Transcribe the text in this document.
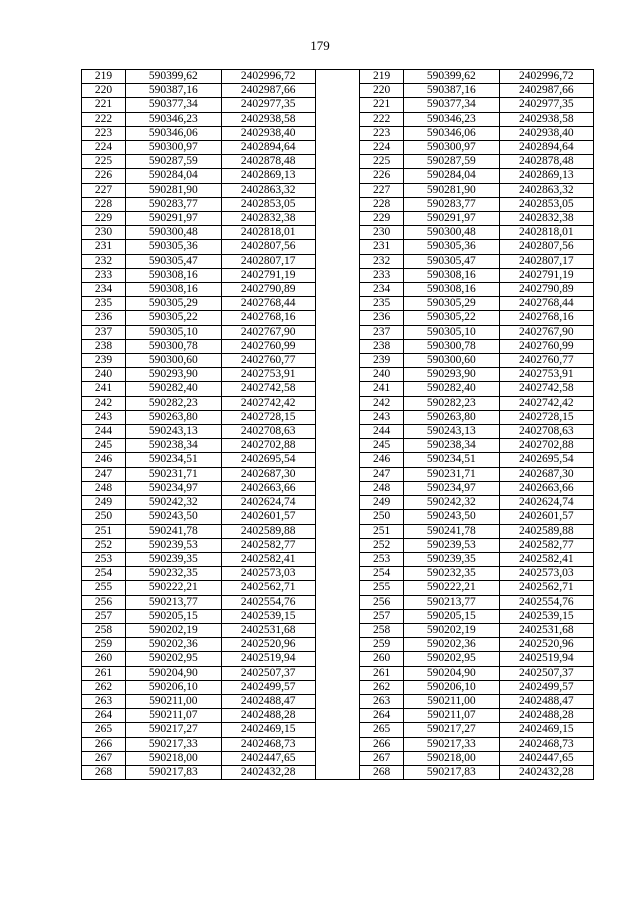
179
219	590399,62	2402996,72		219	590399,62	2402996,72
220	590387,16	2402987,66		220	590387,16	2402987,66
221	590377,34	2402977,35		221	590377,34	2402977,35
222	590346,23	2402938,58		222	590346,23	2402938,58
223	590346,06	2402938,40		223	590346,06	2402938,40
224	590300,97	2402894,64		224	590300,97	2402894,64
225	590287,59	2402878,48		225	590287,59	2402878,48
226	590284,04	2402869,13		226	590284,04	2402869,13
227	590281,90	2402863,32		227	590281,90	2402863,32
228	590283,77	2402853,05		228	590283,77	2402853,05
229	590291,97	2402832,38		229	590291,97	2402832,38
230	590300,48	2402818,01		230	590300,48	2402818,01
231	590305,36	2402807,56		231	590305,36	2402807,56
232	590305,47	2402807,17		232	590305,47	2402807,17
233	590308,16	2402791,19		233	590308,16	2402791,19
234	590308,16	2402790,89		234	590308,16	2402790,89
235	590305,29	2402768,44		235	590305,29	2402768,44
236	590305,22	2402768,16		236	590305,22	2402768,16
237	590305,10	2402767,90		237	590305,10	2402767,90
238	590300,78	2402760,99		238	590300,78	2402760,99
239	590300,60	2402760,77		239	590300,60	2402760,77
240	590293,90	2402753,91		240	590293,90	2402753,91
241	590282,40	2402742,58		241	590282,40	2402742,58
242	590282,23	2402742,42		242	590282,23	2402742,42
243	590263,80	2402728,15		243	590263,80	2402728,15
244	590243,13	2402708,63		244	590243,13	2402708,63
245	590238,34	2402702,88		245	590238,34	2402702,88
246	590234,51	2402695,54		246	590234,51	2402695,54
247	590231,71	2402687,30		247	590231,71	2402687,30
248	590234,97	2402663,66		248	590234,97	2402663,66
249	590242,32	2402624,74		249	590242,32	2402624,74
250	590243,50	2402601,57		250	590243,50	2402601,57
251	590241,78	2402589,88		251	590241,78	2402589,88
252	590239,53	2402582,77		252	590239,53	2402582,77
253	590239,35	2402582,41		253	590239,35	2402582,41
254	590232,35	2402573,03		254	590232,35	2402573,03
255	590222,21	2402562,71		255	590222,21	2402562,71
256	590213,77	2402554,76		256	590213,77	2402554,76
257	590205,15	2402539,15		257	590205,15	2402539,15
258	590202,19	2402531,68		258	590202,19	2402531,68
259	590202,36	2402520,96		259	590202,36	2402520,96
260	590202,95	2402519,94		260	590202,95	2402519,94
261	590204,90	2402507,37		261	590204,90	2402507,37
262	590206,10	2402499,57		262	590206,10	2402499,57
263	590211,00	2402488,47		263	590211,00	2402488,47
264	590211,07	2402488,28		264	590211,07	2402488,28
265	590217,27	2402469,15		265	590217,27	2402469,15
266	590217,33	2402468,73		266	590217,33	2402468,73
267	590218,00	2402447,65		267	590218,00	2402447,65
268	590217,83	2402432,28		268	590217,83	2402432,28
